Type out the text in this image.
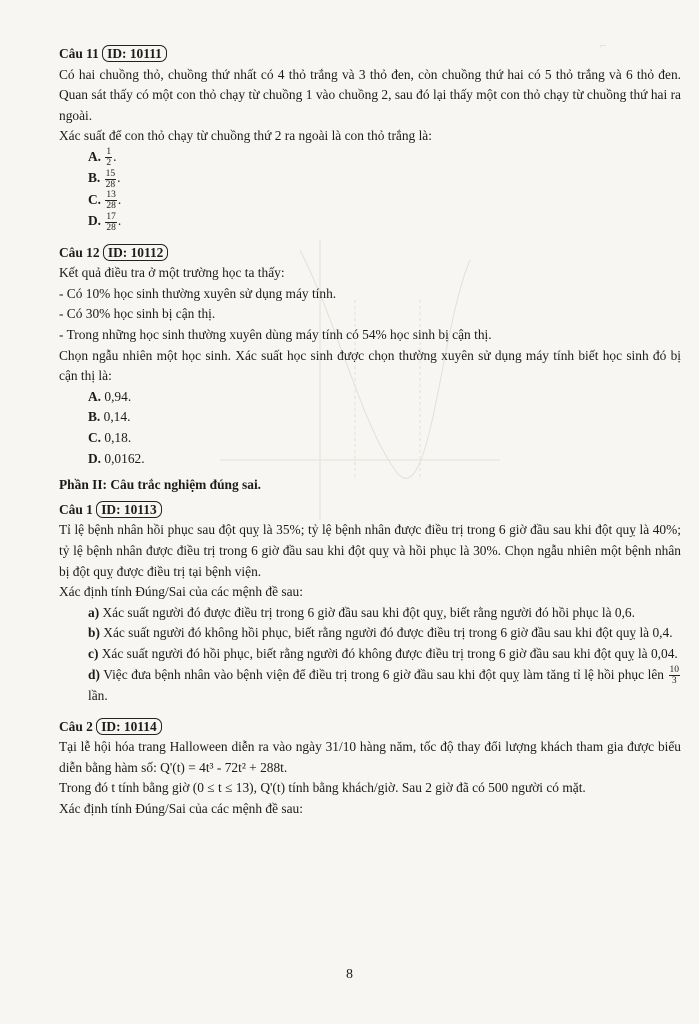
⌐
Câu 11 ID: 10111

Có hai chuồng thỏ, chuồng thứ nhất có 4 thỏ trắng và 3 thỏ đen, còn chuồng thứ hai có 5 thỏ trắng và 6 thỏ đen. Quan sát thấy có một con thỏ chạy từ chuồng 1 vào chuồng 2, sau đó lại thấy một con thỏ chạy từ chuồng thứ hai ra ngoài.

Xác suất để con thỏ chạy từ chuồng thứ 2 ra ngoài là con thỏ trắng là:

A. $\frac{1}{2}$ .
B. $\frac{15}{28}$ .
C. $\frac{13}{28}$ .
D. $\frac{17}{28}$ .
Câu 12 ID: 10112

Kết quả điều tra ở một trường học ta thấy:

- Có 10% học sinh thường xuyên sử dụng máy tính.

- Có 30% học sinh bị cận thị.

- Trong những học sinh thường xuyên dùng máy tính có 54% học sinh bị cận thị.

Chọn ngẫu nhiên một học sinh. Xác suất học sinh được chọn thường xuyên sử dụng máy tính biết học sinh đó bị cận thị là:

A. 0,94.
B. 0,14.
C. 0,18.
D. 0,0162.
Phần II: Câu trắc nghiệm đúng sai.
Câu 1 ID: 10113

Tỉ lệ bệnh nhân hồi phục sau đột quỵ là 35%; tỷ lệ bệnh nhân được điều trị trong 6 giờ đầu sau khi đột quỵ là 40%; tỷ lệ bệnh nhân được điều trị trong 6 giờ đầu sau khi đột quỵ và hồi phục là 30%. Chọn ngẫu nhiên một bệnh nhân bị đột quỵ được điều trị tại bệnh viện.

Xác định tính Đúng/Sai của các mệnh đề sau:

a) Xác suất người đó được điều trị trong 6 giờ đầu sau khi đột quỵ, biết rằng người đó hồi phục là 0,6.
b) Xác suất người đó không hồi phục, biết rằng người đó được điều trị trong 6 giờ đầu sau khi đột quỵ là 0,4.
c) Xác suất người đó hồi phục, biết rằng người đó không được điều trị trong 6 giờ đầu sau khi đột quỵ là 0,04.
d) Việc đưa bệnh nhân vào bệnh viện để điều trị trong 6 giờ đầu sau khi đột quỵ làm tăng tỉ lệ hồi phục lên $\frac{10}{3}$
lần.
Câu 2 ID: 10114

Tại lễ hội hóa trang Halloween diễn ra vào ngày 31/10 hàng năm, tốc độ thay đổi lượng khách tham gia được biểu diễn bằng hàm số: Q'(t) = 4t³ - 72t² + 288t.

Trong đó t tính bằng giờ (0 ≤ t ≤ 13), Q'(t) tính bằng khách/giờ. Sau 2 giờ đã có 500 người có mặt.

Xác định tính Đúng/Sai của các mệnh đề sau:

8
